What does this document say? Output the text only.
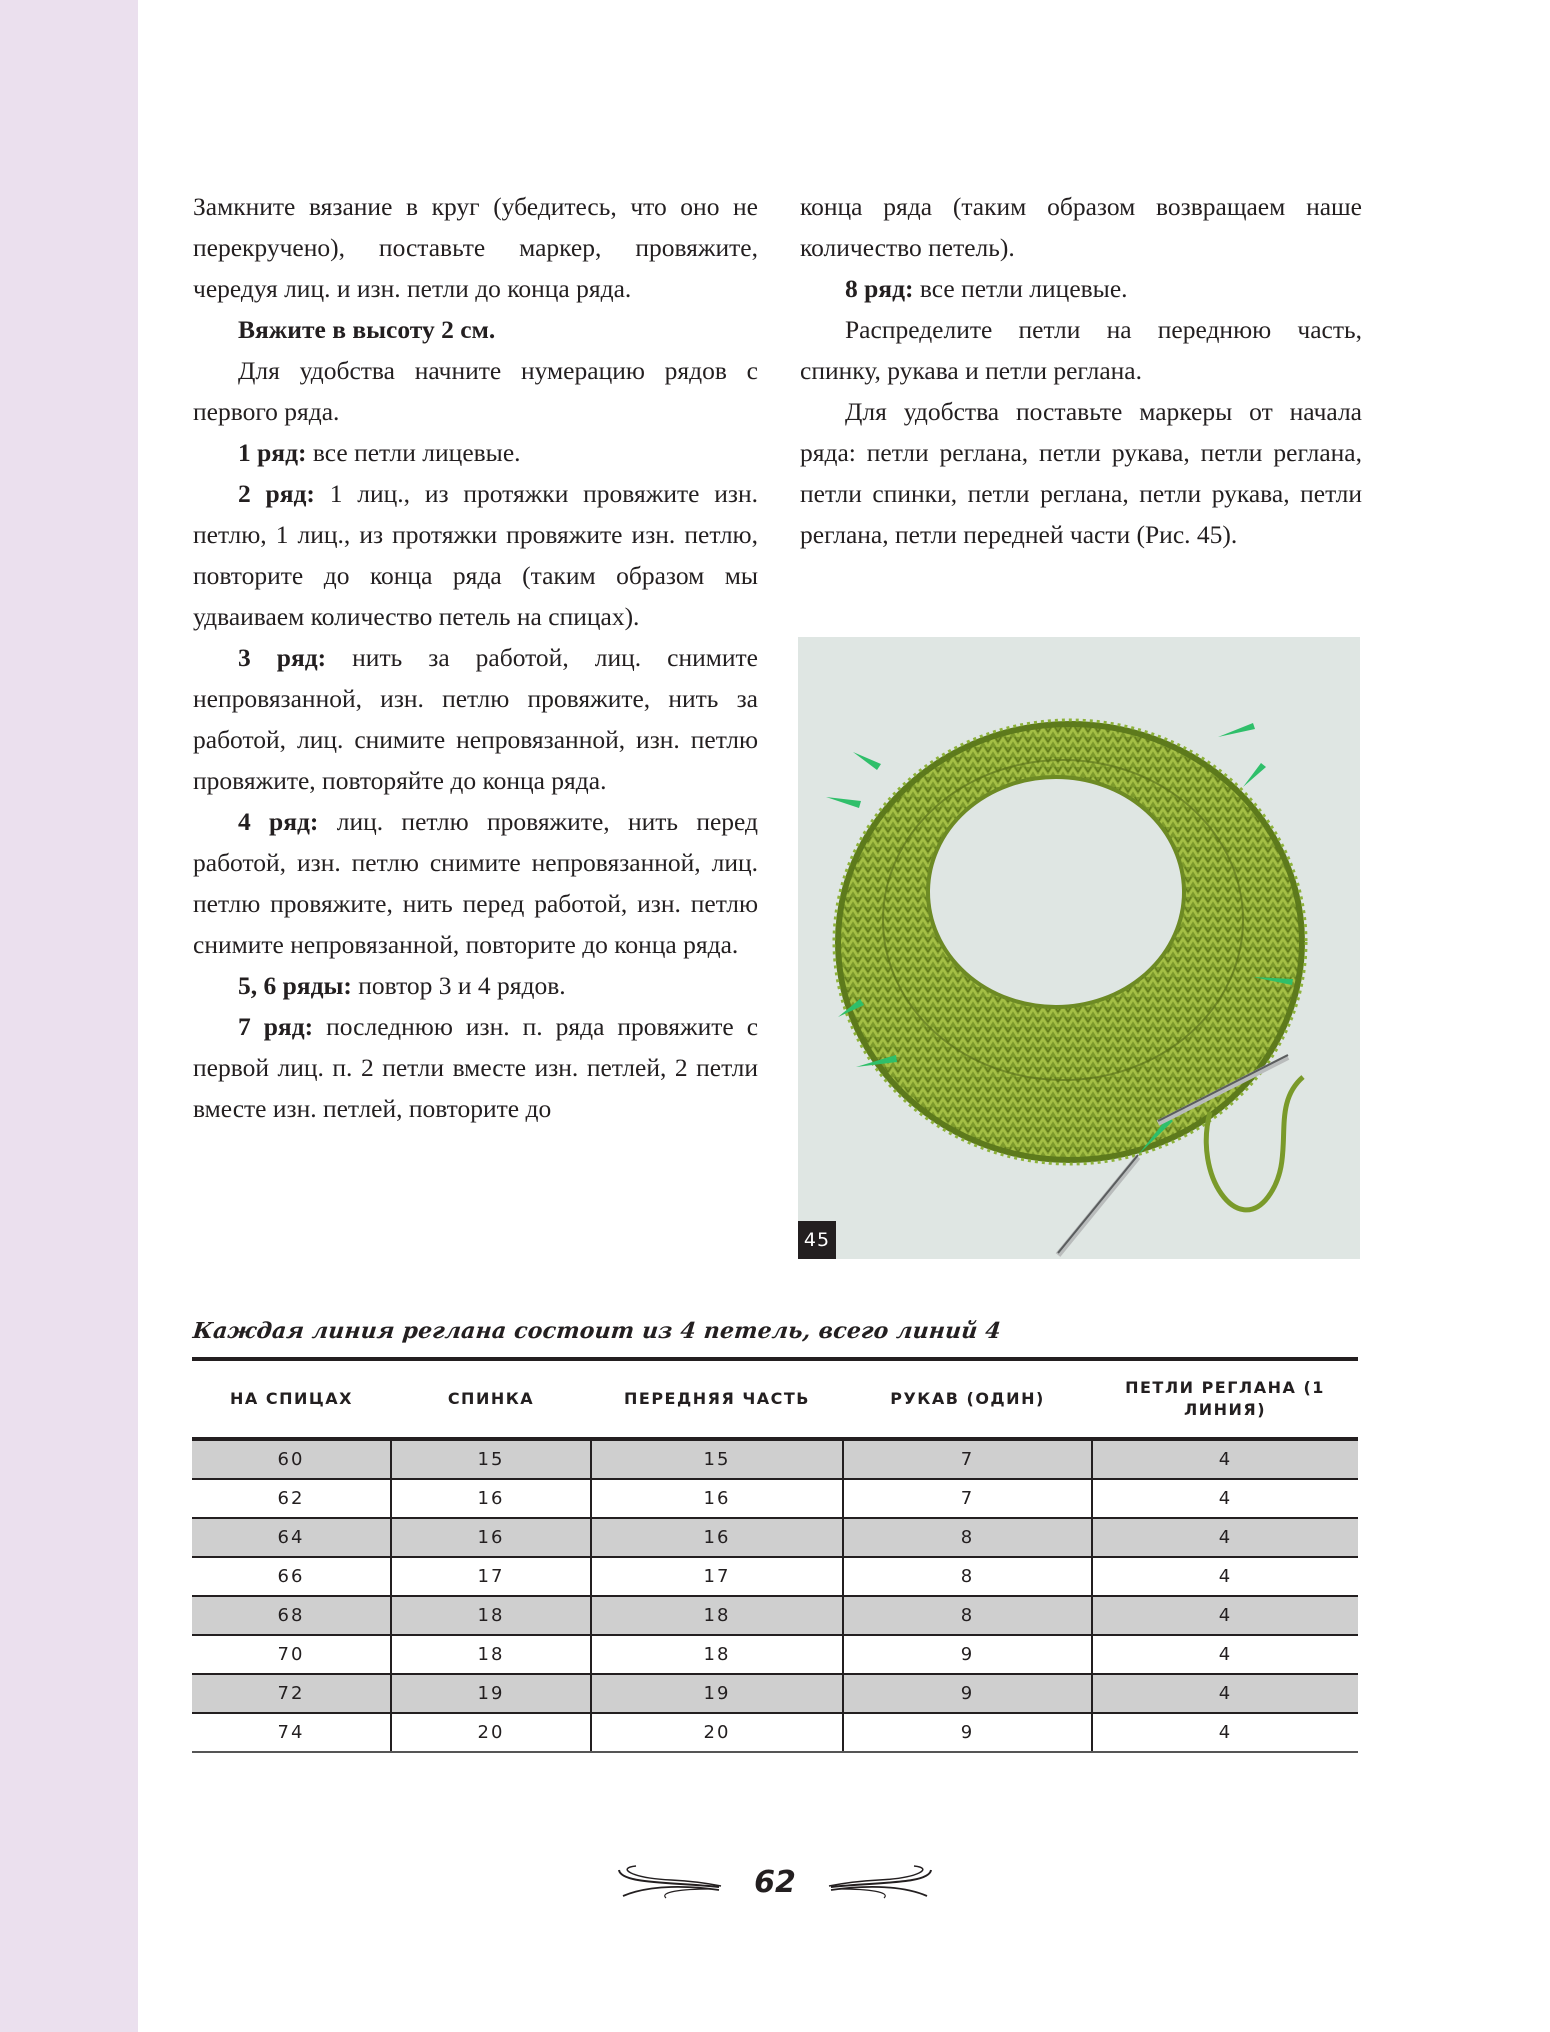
Замкните вязание в круг (убедитесь, что оно не перекручено), поставьте маркер, провяжите, чередуя лиц. и изн. петли до конца ряда.

Вяжите в высоту 2 см.

Для удобства начните нумерацию рядов с первого ряда.

1 ряд: все петли лицевые.

2 ряд: 1 лиц., из протяжки провяжите изн. петлю, 1 лиц., из протяжки провяжите изн. петлю, повторите до конца ряда (таким образом мы удваиваем количество петель на спицах).

3 ряд: нить за работой, лиц. снимите непровязанной, изн. петлю провяжите, нить за работой, лиц. снимите непровязанной, изн. петлю провяжите, повторяйте до конца ряда.

4 ряд: лиц. петлю провяжите, нить перед работой, изн. петлю снимите непровязанной, лиц. петлю провяжите, нить перед работой, изн. петлю снимите непровязанной, повторите до конца ряда.

5, 6 ряды: повтор 3 и 4 рядов.

7 ряд: последнюю изн. п. ряда провяжите с первой лиц. п. 2 петли вместе изн. петлей, 2 петли вместе изн. петлей, повторите до

конца ряда (таким образом возвращаем наше количество петель).

8 ряд: все петли лицевые.

Распределите петли на переднюю часть, спинку, рукава и петли реглана.

Для удобства поставьте маркеры от начала ряда: петли реглана, петли рукава, петли реглана, петли спинки, петли реглана, петли рукава, петли реглана, петли передней части (Рис. 45).

45
Каждая линия реглана состоит из 4 петель, всего линий 4
НА СПИЦАХ	СПИНКА	ПЕРЕДНЯЯ ЧАСТЬ	РУКАВ (ОДИН)	ПЕТЛИ РЕГЛАНА (1 ЛИНИЯ)
60	15	15	7	4
62	16	16	7	4
64	16	16	8	4
66	17	17	8	4
68	18	18	8	4
70	18	18	9	4
72	19	19	9	4
74	20	20	9	4
62
